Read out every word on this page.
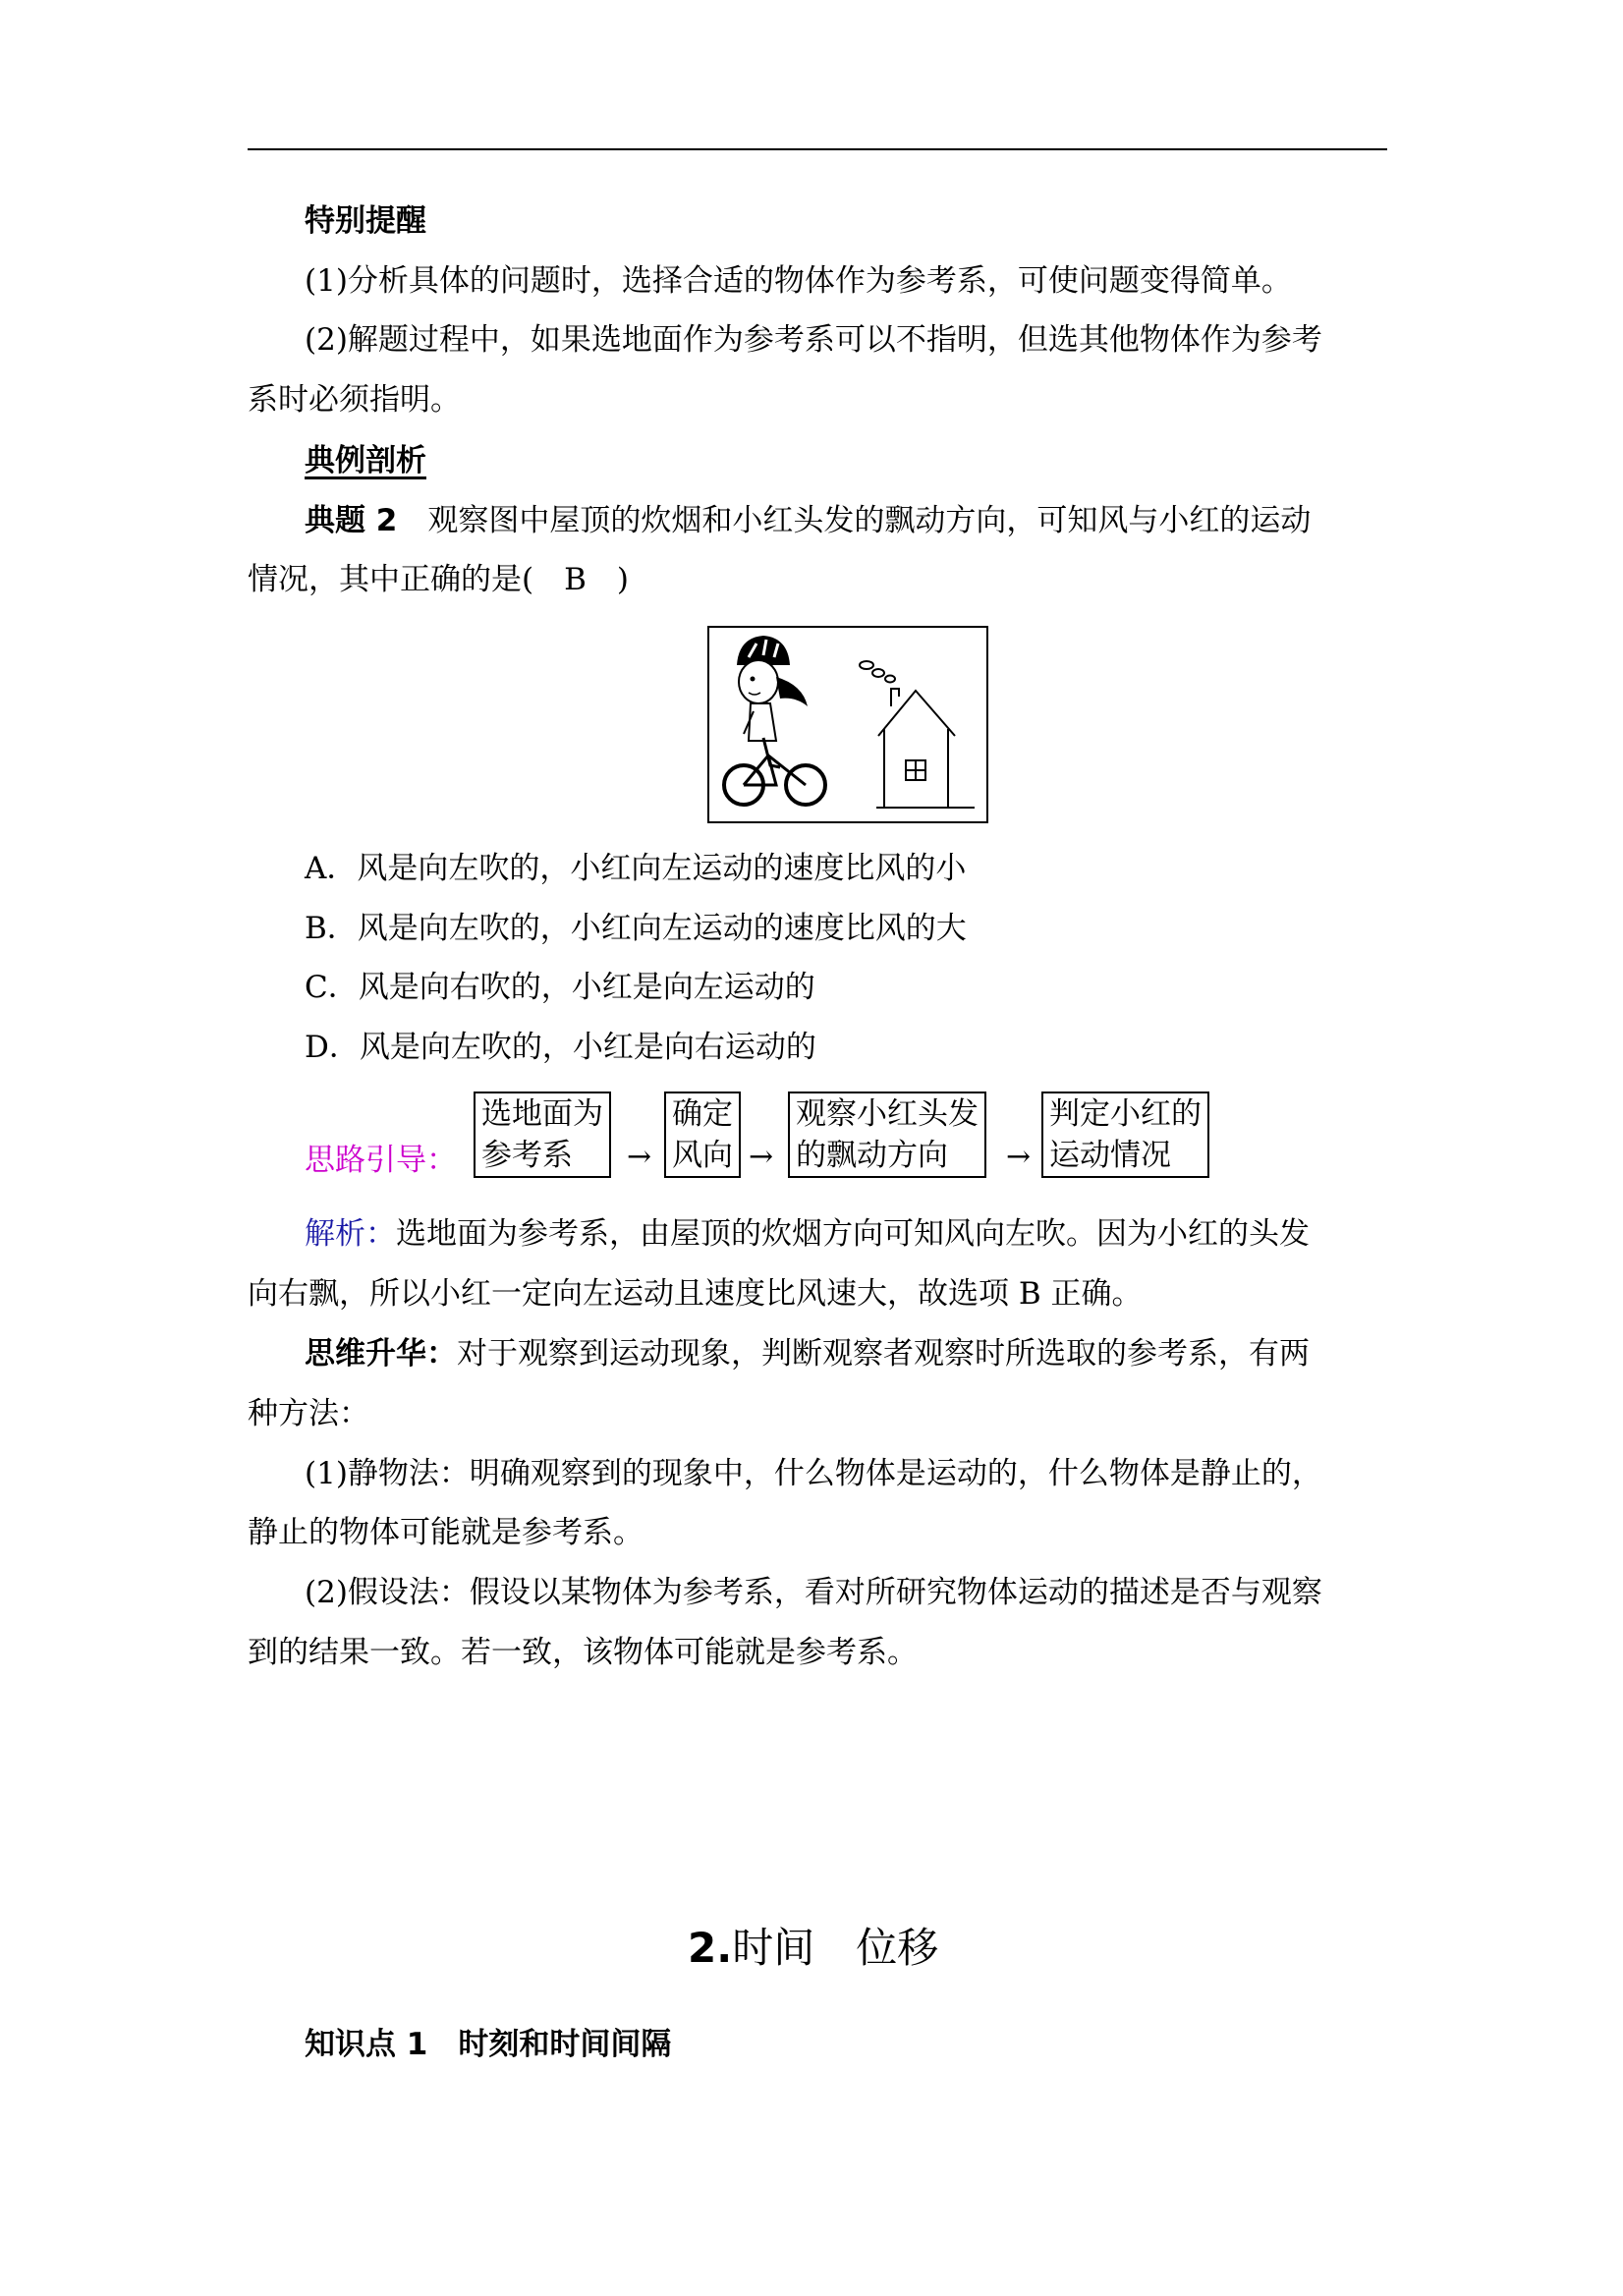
特别提醒
(1)分析具体的问题时，选择合适的物体作为参考系，可使问题变得简单。
(2)解题过程中，如果选地面作为参考系可以不指明，但选其他物体作为参考
系时必须指明。
典例剖析
典题 2　 观察图中屋顶的炊烟和小红头发的飘动方向，可知风与小红的运动
情况，其中正确的是(　B　)
A．风是向左吹的，小红向左运动的速度比风的小
B．风是向左吹的，小红向左运动的速度比风的大
C．风是向右吹的，小红是向左运动的
D．风是向左吹的，小红是向右运动的
思路引导：
选地面为
参考系	→
确定
风向 →
观察小红头发
的飘动方向	→
判定小红的
运动情况
解析：选地面为参考系，由屋顶的炊烟方向可知风向左吹。因为小红的头发
向右飘，所以小红一定向左运动且速度比风速大，故选项 B 正确。
思维升华：对于观察到运动现象，判断观察者观察时所选取的参考系，有两
种方法：
(1)静物法：明确观察到的现象中，什么物体是运动的，什么物体是静止的，
静止的物体可能就是参考系。
(2)假设法：假设以某物体为参考系，看对所研究物体运动的描述是否与观察
到的结果一致。若一致，该物体可能就是参考系。
2.时间　位移
知识点 1　时刻和时间间隔
